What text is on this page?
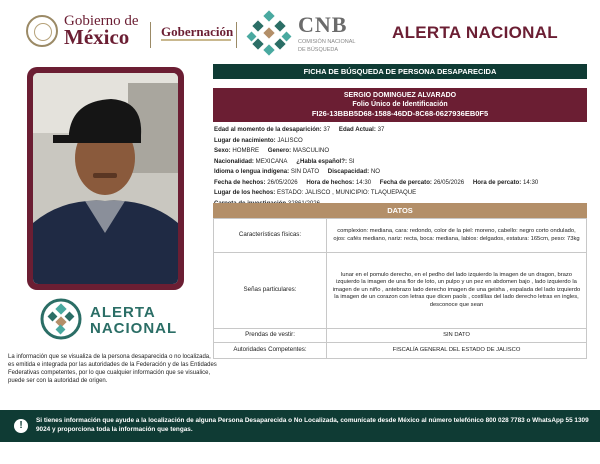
Gobierno de
México	Gobernación	CNB
COMISIÓN NACIONAL
DE BÚSQUEDA
ALERTA NACIONAL
ALERTA
NACIONAL
La información que se visualiza de la persona desaparecida o no localizada, es emitida e integrada por las autoridades de la Federación y de las Entidades Federativas competentes, por lo que cualquier información que se visualice, puede ser con la autoridad de origen.
FICHA DE BÚSQUEDA DE PERSONA DESAPARECIDA
SERGIO DOMINGUEZ ALVARADO
Folio Único de Identificación
FI26-13BBB5D68-1588-46DD-8C68-0627936EB0F5
Edad al momento de la desaparición: 37 Edad Actual: 37
Lugar de nacimiento: JALISCO
Sexo: HOMBRE Genero: MASCULINO
Nacionalidad: MEXICANA ¿Habla español?: SI
Idioma o lengua indígena: SIN DATO Discapacidad: NO
Fecha de hechos: 26/05/2026 Hora de hechos: 14:30 Fecha de percato: 26/05/2026 Hora de percato: 14:30
Lugar de los hechos: ESTADO: JALISCO , MUNICIPIO: TLAQUEPAQUE
DATOS
Características físicas:	complexion: mediana, cara: redondo, color de la piel: moreno, cabello: negro corto ondulado, ojos: cafés mediano, nariz: recta, boca: mediana, labios: delgados, estatura: 165cm, peso: 73kg
Señas particulares:	lunar en el pomulo derecho, en el pedho del lado izquierdo la imagen de un dragon, brazo izquierdo la imagen de una flor de loto, un pulpo y un pez en abdomen bajo , lado izquierdo la imagen de un niño , antebrazo lado derecho imagen de una geisha , espalada del lado izquierdo la imagen de un corazon con letras que dicen paols , costillas del lado derecho letras en ingles, desconoce que sean
Prendas de vestir:	SIN DATO
Autoridades Competentes:	FISCALÍA GENERAL DEL ESTADO DE JALISCO
!	Si tienes información que ayude a la localización de alguna Persona Desaparecida o No Localizada, comunícate desde México al número telefónico 800 028 7783 o WhatsApp 55 1309 9024 y proporciona toda la información que tengas.
